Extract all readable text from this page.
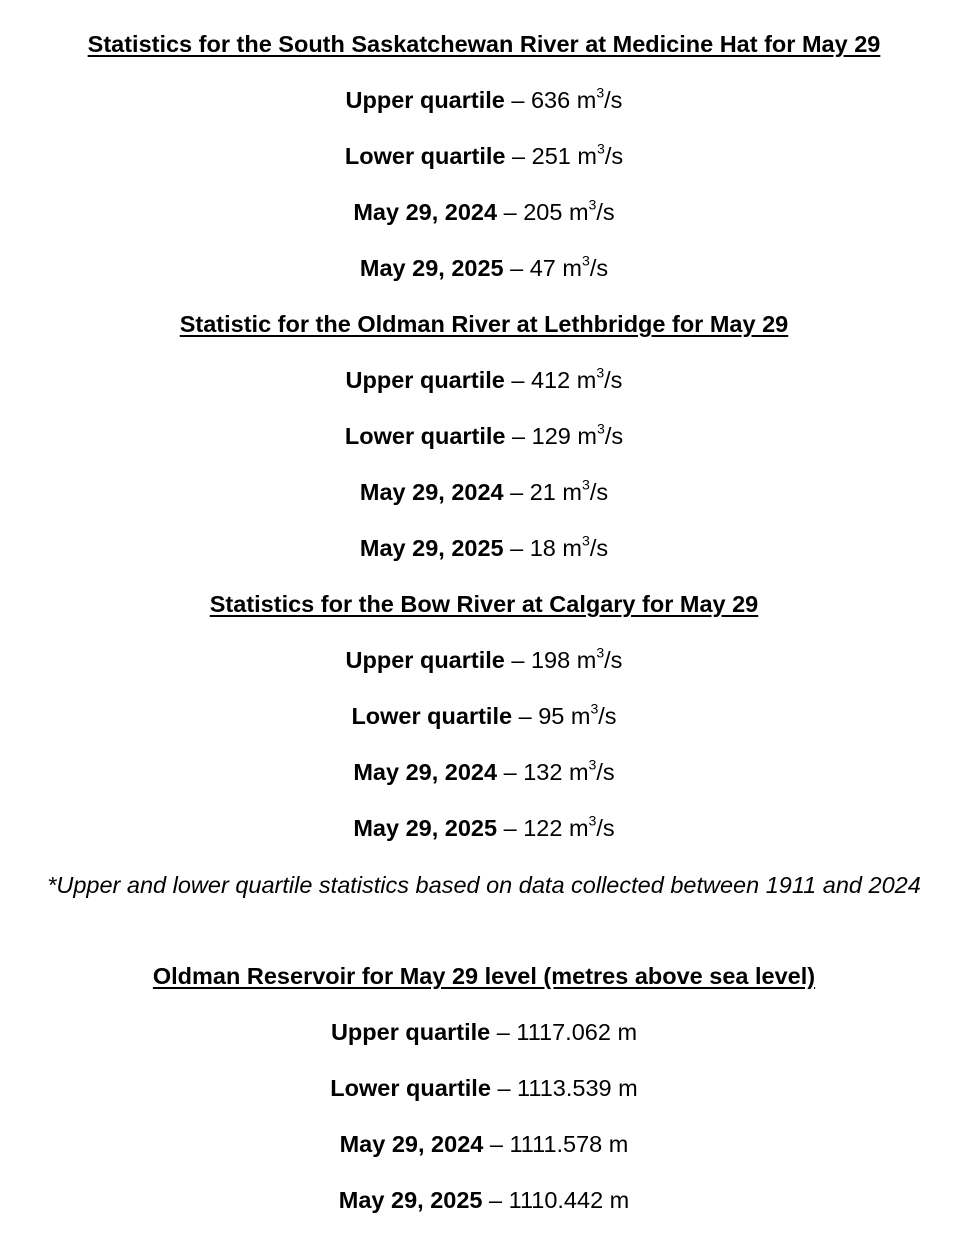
Statistics for the South Saskatchewan River at Medicine Hat for May 29
Upper quartile – 636 $m^3/s$
Lower quartile – 251 $m^3/s$
May 29, 2024 – 205 $m^3/s$
May 29, 2025 – 47 $m^3/s$
Statistic for the Oldman River at Lethbridge for May 29
Upper quartile – 412 $m^3/s$
Lower quartile – 129 $m^3/s$
May 29, 2024 – 21 $m^3/s$
May 29, 2025 – 18 $m^3/s$
Statistics for the Bow River at Calgary for May 29
Upper quartile – 198 $m^3/s$
Lower quartile – 95 $m^3/s$
May 29, 2024 – 132 $m^3/s$
May 29, 2025 – 122 $m^3/s$
*Upper and lower quartile statistics based on data collected between 1911 and 2024
Oldman Reservoir for May 29 level (metres above sea level)
Upper quartile – 1117.062 m
Lower quartile – 1113.539 m
May 29, 2024 – 1111.578 m
May 29, 2025 – 1110.442 m
